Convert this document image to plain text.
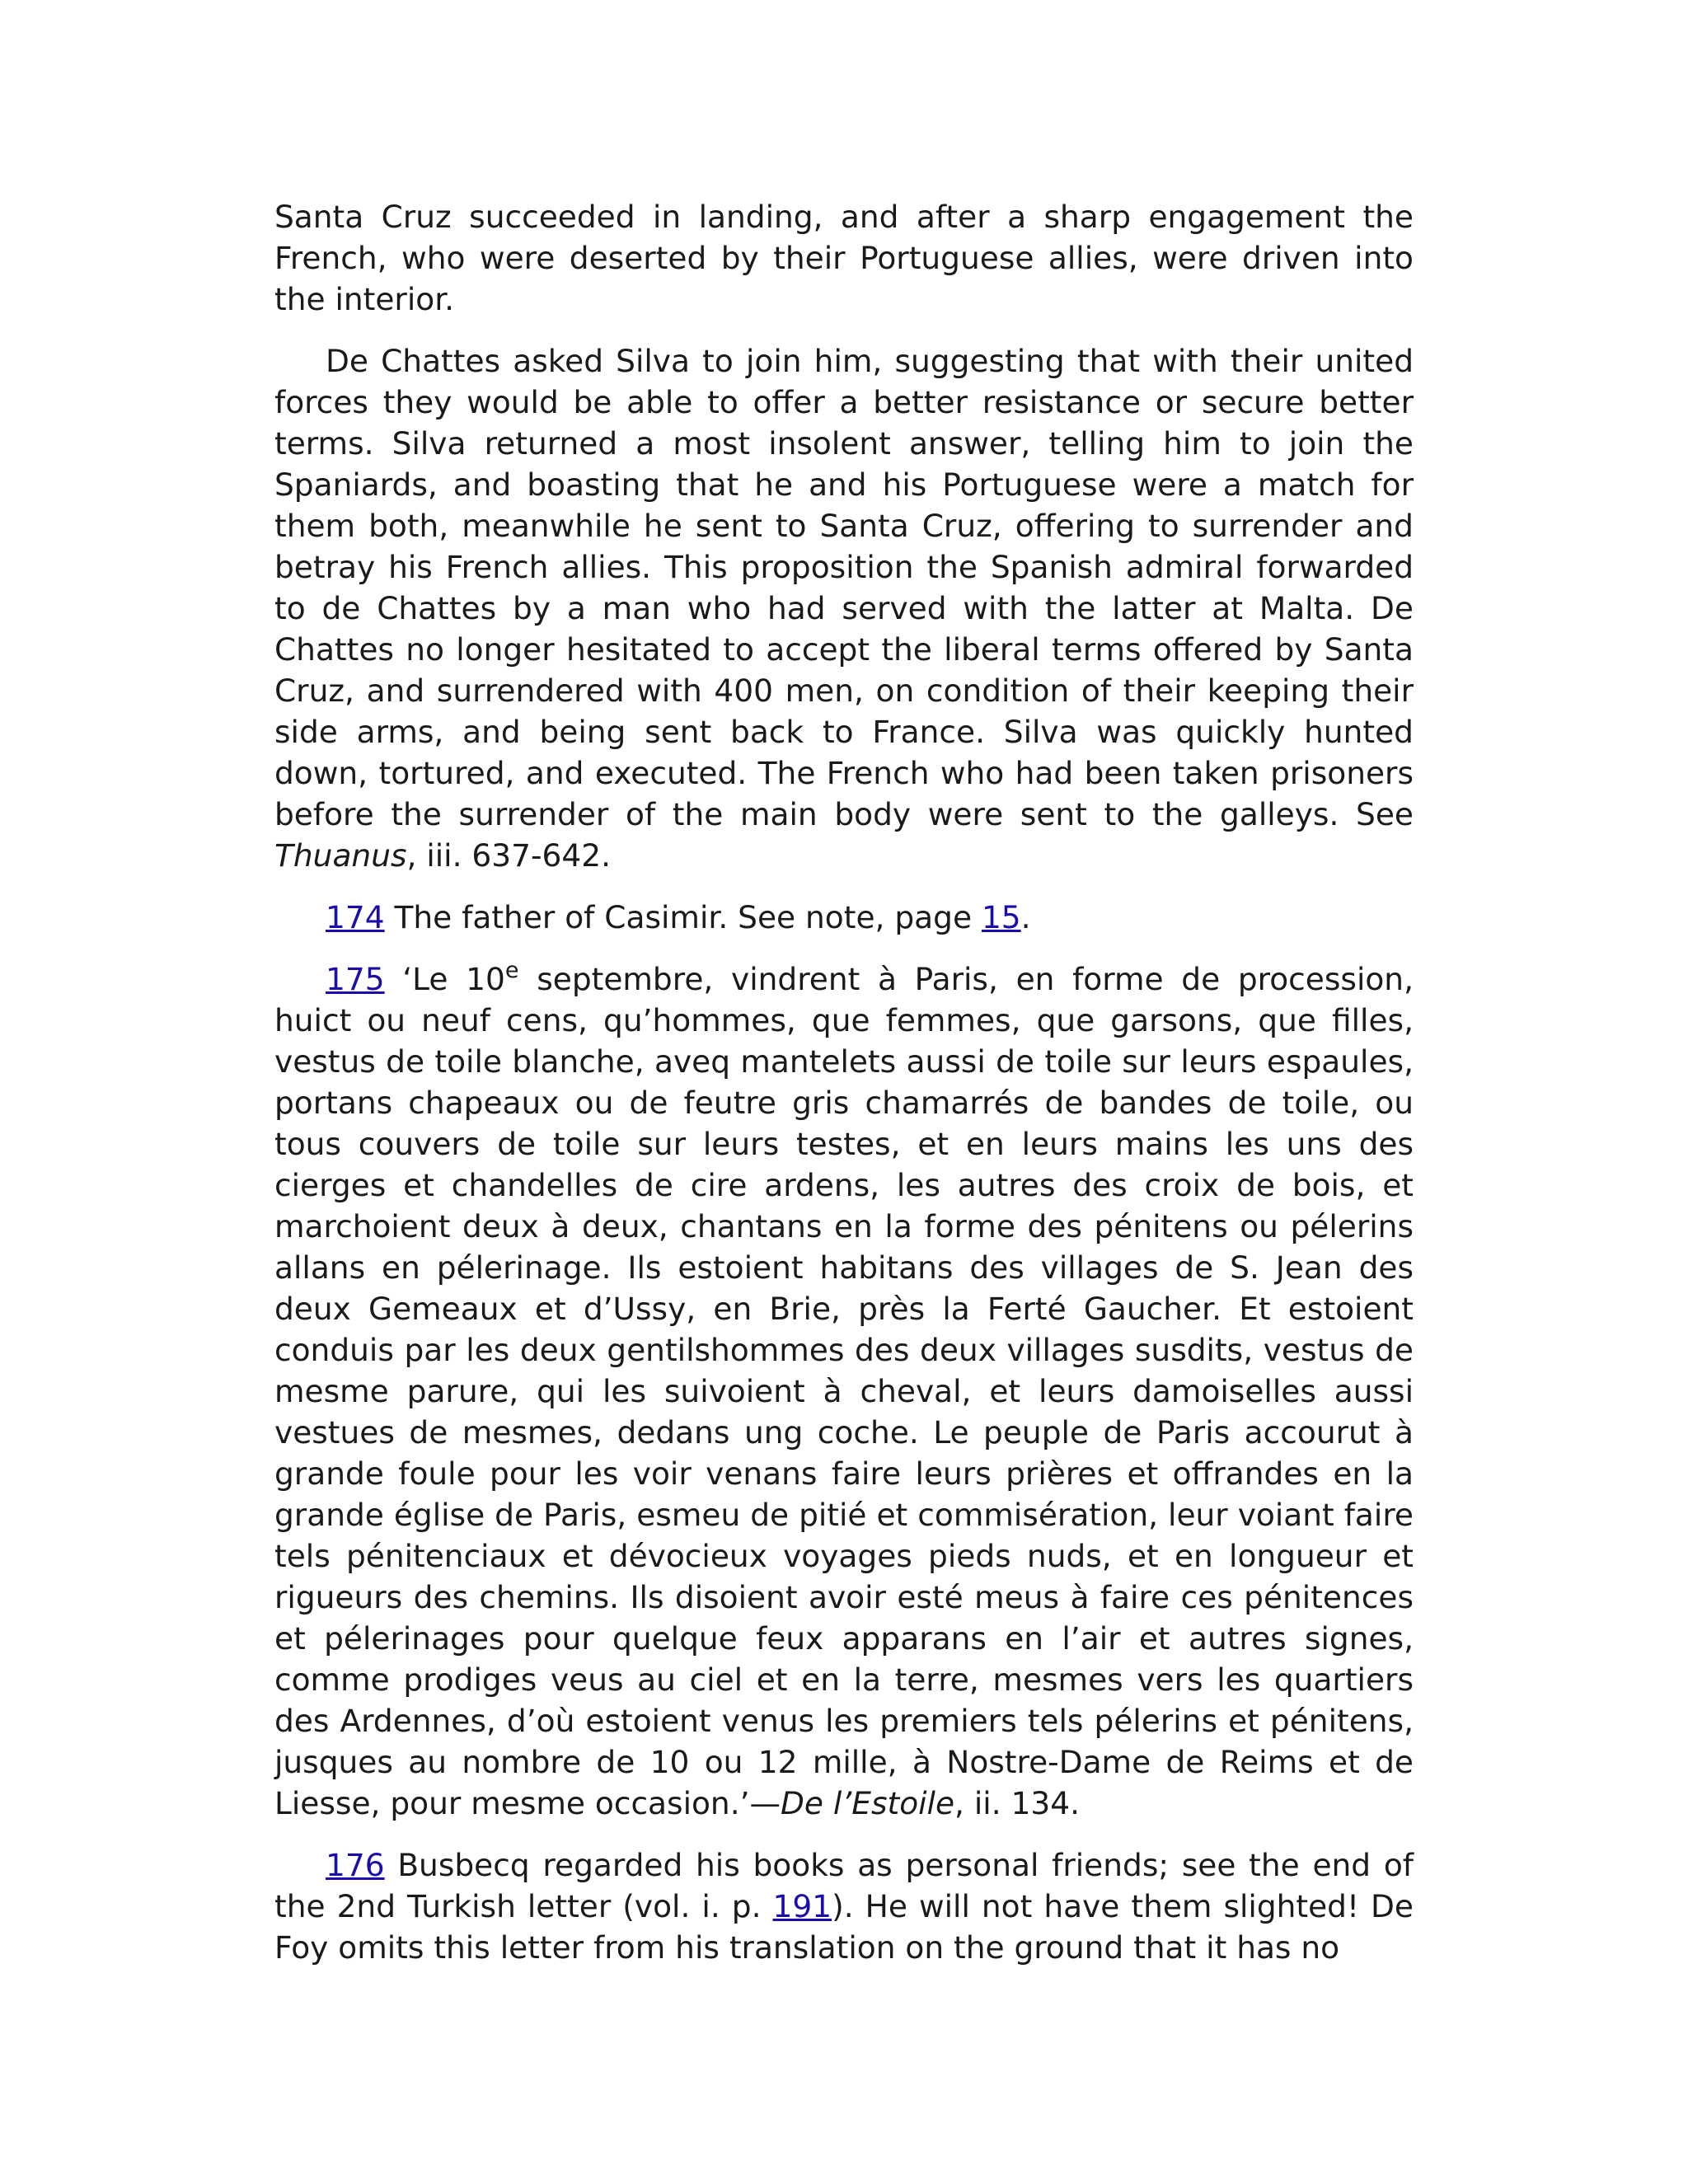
Santa Cruz succeeded in landing, and after a sharp engagement the French, who were deserted by their Portuguese allies, were driven into the interior.

De Chattes asked Silva to join him, suggesting that with their united forces they would be able to offer a better resistance or secure better terms. Silva returned a most insolent answer, telling him to join the Spaniards, and boasting that he and his Portuguese were a match for them both, meanwhile he sent to Santa Cruz, offering to surrender and betray his French allies. This proposition the Spanish admiral forwarded to de Chattes by a man who had served with the latter at Malta. De Chattes no longer hesitated to accept the liberal terms offered by Santa Cruz, and surrendered with 400 men, on condition of their keeping their side arms, and being sent back to France. Silva was quickly hunted down, tortured, and executed. The French who had been taken prisoners before the surrender of the main body were sent to the galleys. See Thuanus, iii. 637-642.

174 The father of Casimir. See note, page 15.

175 ‘Le 10e septembre, vindrent à Paris, en forme de procession, huict ou neuf cens, qu’hommes, que femmes, que garsons, que filles, vestus de toile blanche, aveq mantelets aussi de toile sur leurs espaules, portans chapeaux ou de feutre gris chamarrés de bandes de toile, ou tous couvers de toile sur leurs testes, et en leurs mains les uns des cierges et chandelles de cire ardens, les autres des croix de bois, et marchoient deux à deux, chantans en la forme des pénitens ou pélerins allans en pélerinage. Ils estoient habitans des villages de S. Jean des deux Gemeaux et d’Ussy, en Brie, près la Ferté Gaucher. Et estoient conduis par les deux gentilshommes des deux villages susdits, vestus de mesme parure, qui les suivoient à cheval, et leurs damoiselles aussi vestues de mesmes, dedans ung coche. Le peuple de Paris accourut à grande foule pour les voir venans faire leurs prières et offrandes en la grande église de Paris, esmeu de pitié et commisération, leur voiant faire tels pénitenciaux et dévocieux voyages pieds nuds, et en longueur et rigueurs des chemins. Ils disoient avoir esté meus à faire ces pénitences et pélerinages pour quelque feux apparans en l’air et autres signes, comme prodiges veus au ciel et en la terre, mesmes vers les quartiers des Ardennes, d’où estoient venus les premiers tels pélerins et pénitens, jusques au nombre de 10 ou 12 mille, à Nostre-Dame de Reims et de Liesse, pour mesme occasion.’—De l’Estoile, ii. 134.

176 Busbecq regarded his books as personal friends; see the end of the 2nd Turkish letter (vol. i. p. 191). He will not have them slighted! De Foy omits this letter from his translation on the ground that it has no
